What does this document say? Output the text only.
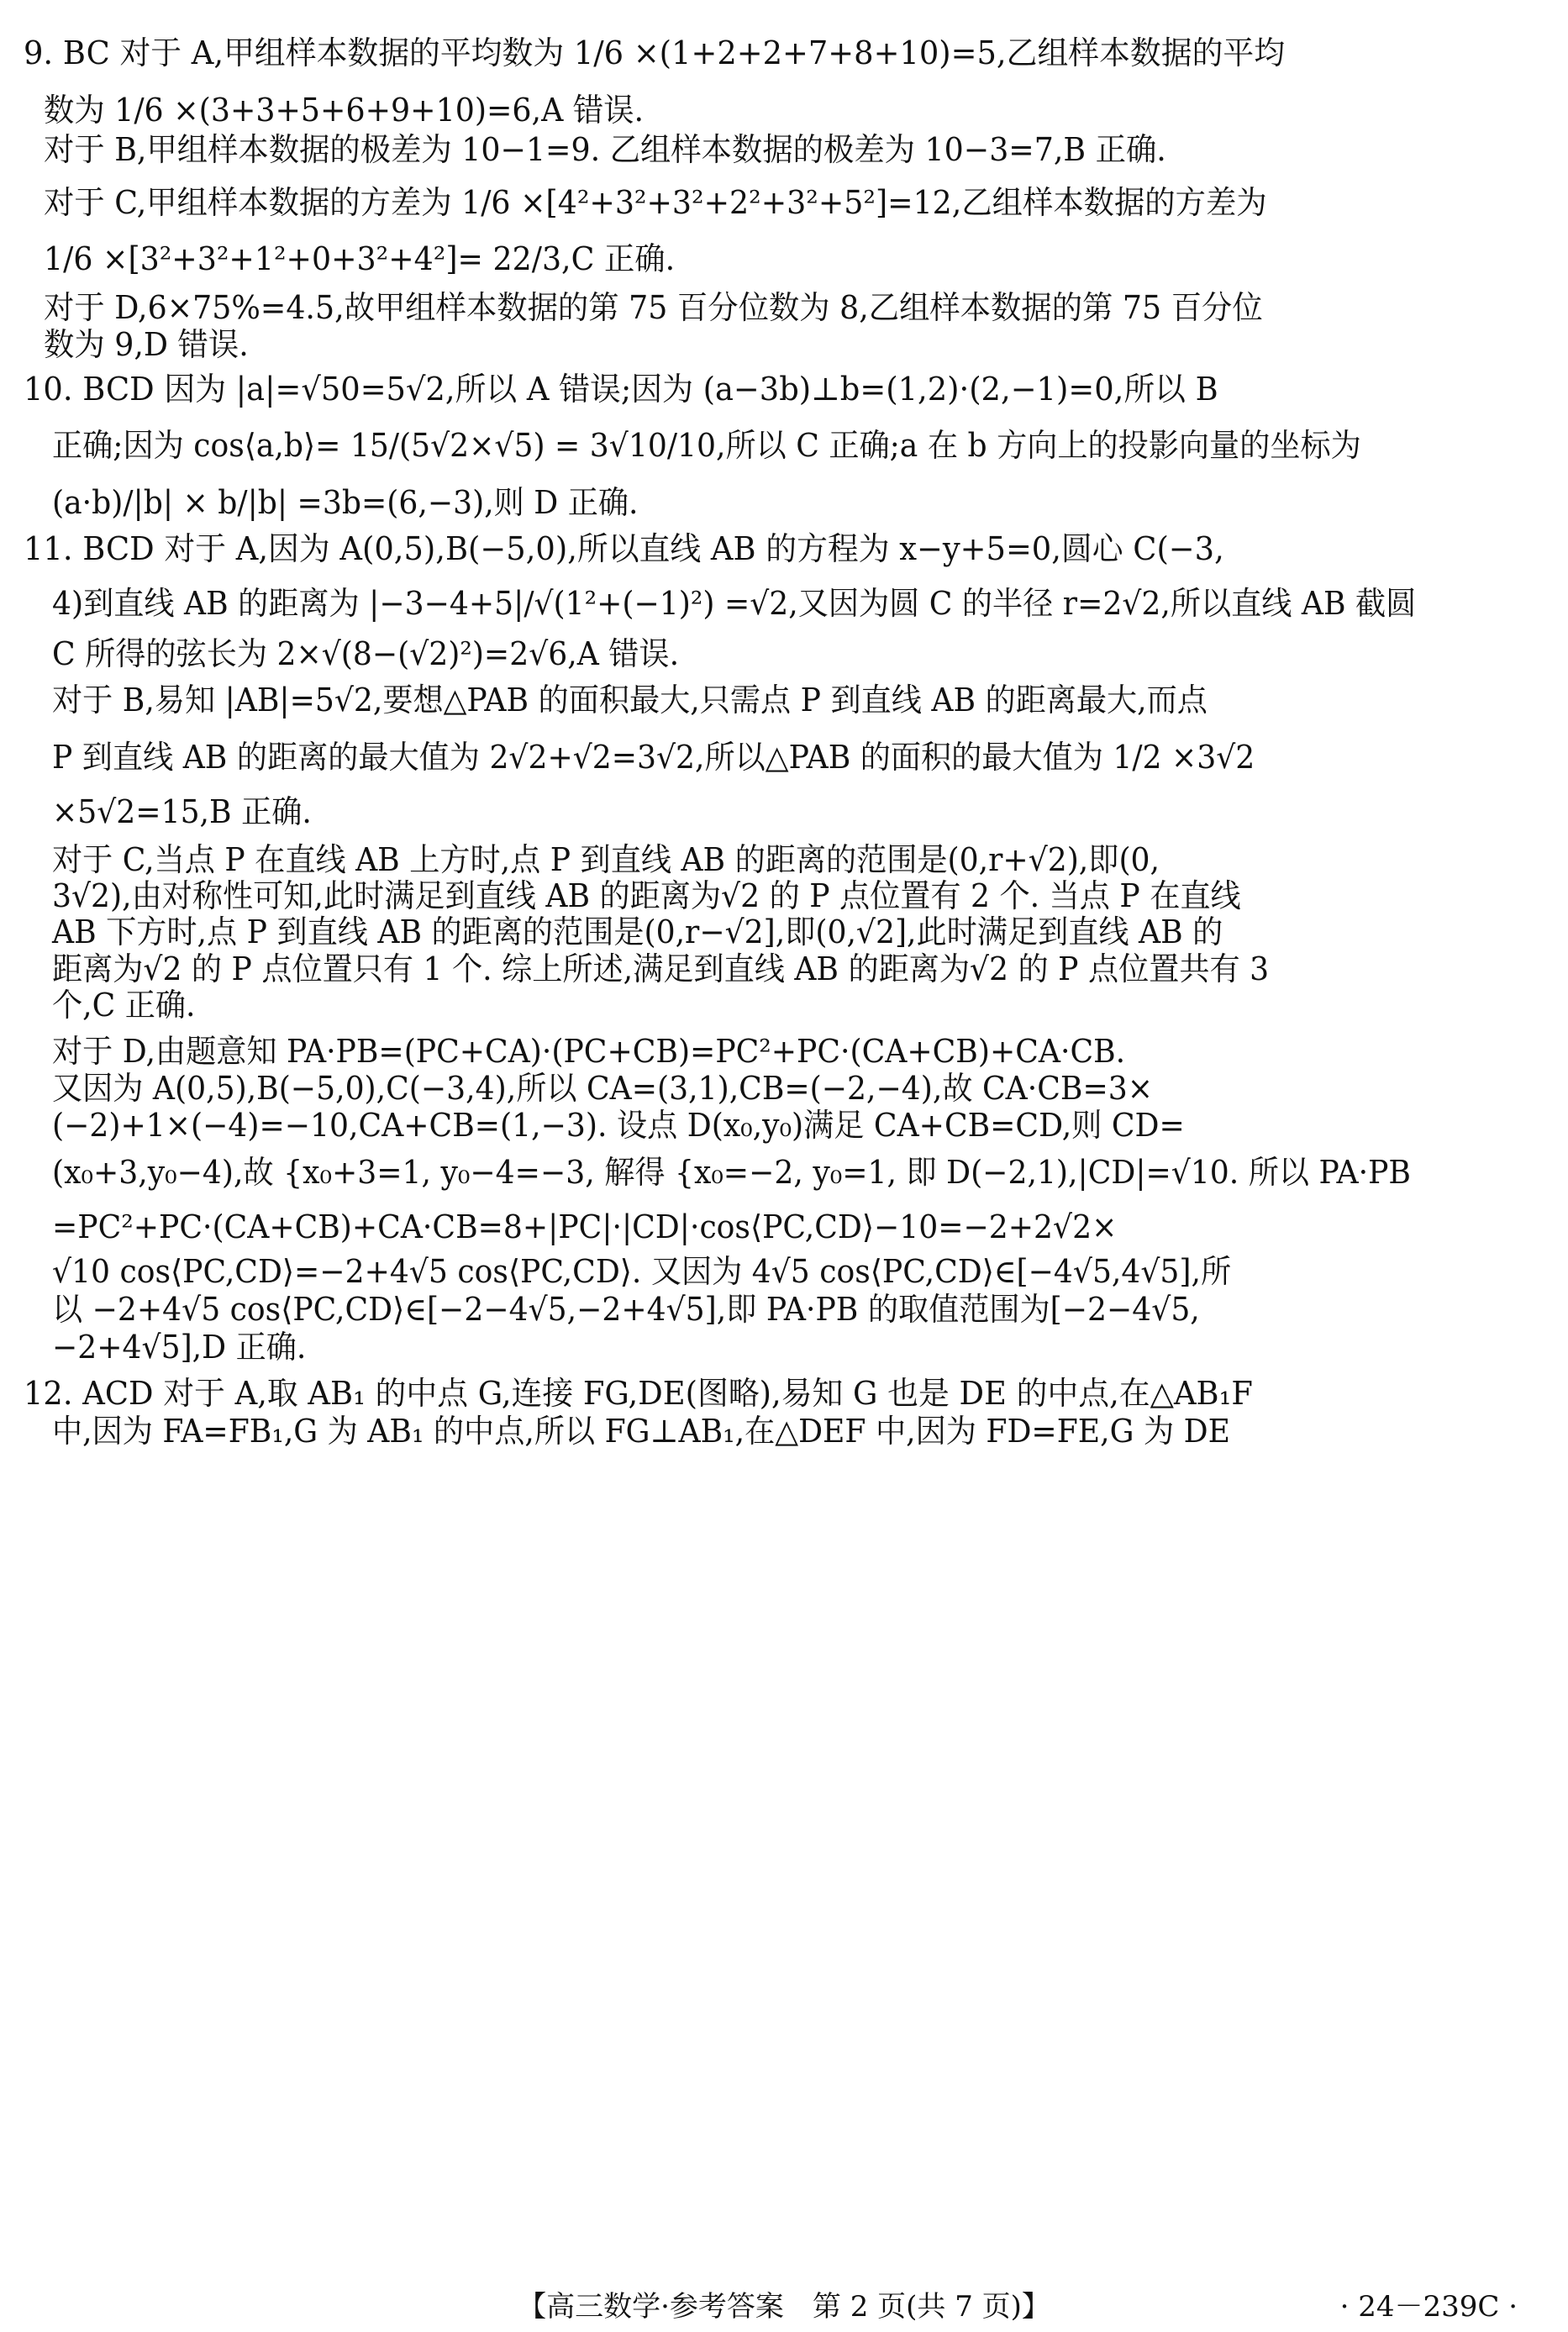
9. BC 对于 A,甲组样本数据的平均数为 1/6 ×(1+2+2+7+8+10)=5,乙组样本数据的平均
数为 1/6 ×(3+3+5+6+9+10)=6,A 错误.
对于 B,甲组样本数据的极差为 10−1=9. 乙组样本数据的极差为 10−3=7,B 正确.
对于 C,甲组样本数据的方差为 1/6 ×[4²+3²+3²+2²+3²+5²]=12,乙组样本数据的方差为
1/6 ×[3²+3²+1²+0+3²+4²]= 22/3,C 正确.
对于 D,6×75%=4.5,故甲组样本数据的第 75 百分位数为 8,乙组样本数据的第 75 百分位
数为 9,D 错误.
10. BCD 因为 |a|=√50=5√2,所以 A 错误;因为 (a−3b)⊥b=(1,2)·(2,−1)=0,所以 B
正确;因为 cos⟨a,b⟩= 15/(5√2×√5) = 3√10/10,所以 C 正确;a 在 b 方向上的投影向量的坐标为
(a·b)/|b| × b/|b| =3b=(6,−3),则 D 正确.
11. BCD 对于 A,因为 A(0,5),B(−5,0),所以直线 AB 的方程为 x−y+5=0,圆心 C(−3,
4)到直线 AB 的距离为 |−3−4+5|/√(1²+(−1)²) =√2,又因为圆 C 的半径 r=2√2,所以直线 AB 截圆
C 所得的弦长为 2×√(8−(√2)²)=2√6,A 错误.
对于 B,易知 |AB|=5√2,要想△PAB 的面积最大,只需点 P 到直线 AB 的距离最大,而点
P 到直线 AB 的距离的最大值为 2√2+√2=3√2,所以△PAB 的面积的最大值为 1/2 ×3√2
×5√2=15,B 正确.
对于 C,当点 P 在直线 AB 上方时,点 P 到直线 AB 的距离的范围是(0,r+√2),即(0,
3√2),由对称性可知,此时满足到直线 AB 的距离为√2 的 P 点位置有 2 个. 当点 P 在直线
AB 下方时,点 P 到直线 AB 的距离的范围是(0,r−√2],即(0,√2],此时满足到直线 AB 的
距离为√2 的 P 点位置只有 1 个. 综上所述,满足到直线 AB 的距离为√2 的 P 点位置共有 3
个,C 正确.
对于 D,由题意知 PA·PB=(PC+CA)·(PC+CB)=PC²+PC·(CA+CB)+CA·CB.
又因为 A(0,5),B(−5,0),C(−3,4),所以 CA=(3,1),CB=(−2,−4),故 CA·CB=3×
(−2)+1×(−4)=−10,CA+CB=(1,−3). 设点 D(x₀,y₀)满足 CA+CB=CD,则 CD=
(x₀+3,y₀−4),故 {x₀+3=1, y₀−4=−3, 解得 {x₀=−2, y₀=1, 即 D(−2,1),|CD|=√10. 所以 PA·PB
=PC²+PC·(CA+CB)+CA·CB=8+|PC|·|CD|·cos⟨PC,CD⟩−10=−2+2√2×
√10 cos⟨PC,CD⟩=−2+4√5 cos⟨PC,CD⟩. 又因为 4√5 cos⟨PC,CD⟩∈[−4√5,4√5],所
以 −2+4√5 cos⟨PC,CD⟩∈[−2−4√5,−2+4√5],即 PA·PB 的取值范围为[−2−4√5,
−2+4√5],D 正确.
12. ACD 对于 A,取 AB₁ 的中点 G,连接 FG,DE(图略),易知 G 也是 DE 的中点,在△AB₁F
中,因为 FA=FB₁,G 为 AB₁ 的中点,所以 FG⊥AB₁,在△DEF 中,因为 FD=FE,G 为 DE
【高三数学·参考答案　第 2 页(共 7 页)】	· 24－239C ·
